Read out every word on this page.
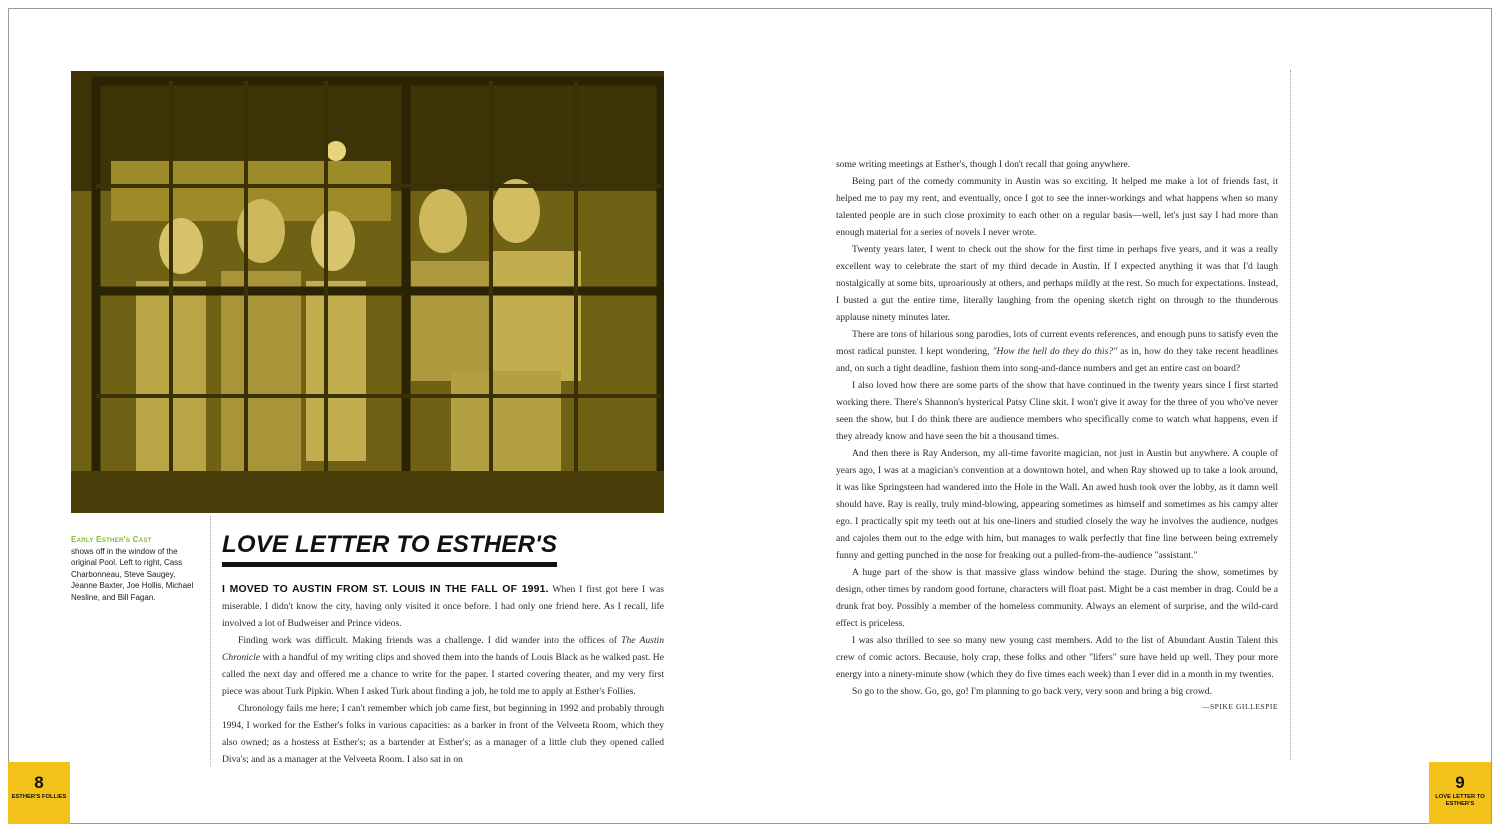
Early Esther's Cast
shows off in the window of the original Pool. Left to right, Cass Charbonneau, Steve Saugey, Jeanne Baxter, Joe Hollis, Michael Nesline, and Bill Fagan.
LOVE LETTER TO ESTHER'S

I MOVED TO AUSTIN FROM ST. LOUIS IN THE FALL OF 1991. When I first got here I was miserable. I didn't know the city, having only visited it once before. I had only one friend here. As I recall, life involved a lot of Budweiser and Prince videos.

Finding work was difficult. Making friends was a challenge. I did wander into the offices of The Austin Chronicle with a handful of my writing clips and shoved them into the hands of Louis Black as he walked past. He called the next day and offered me a chance to write for the paper. I started covering theater, and my very first piece was about Turk Pipkin. When I asked Turk about finding a job, he told me to apply at Esther's Follies.

Chronology fails me here; I can't remember which job came first, but beginning in 1992 and probably through 1994, I worked for the Esther's folks in various capacities: as a barker in front of the Velveeta Room, which they also owned; as a hostess at Esther's; as a bartender at Esther's; as a manager of a little club they opened called Diva's; and as a manager at the Velveeta Room. I also sat in on

some writing meetings at Esther's, though I don't recall that going anywhere.

Being part of the comedy community in Austin was so exciting. It helped me make a lot of friends fast, it helped me to pay my rent, and eventually, once I got to see the inner-workings and what happens when so many talented people are in such close proximity to each other on a regular basis—well, let's just say I had more than enough material for a series of novels I never wrote.

Twenty years later, I went to check out the show for the first time in perhaps five years, and it was a really excellent way to celebrate the start of my third decade in Austin. If I expected anything it was that I'd laugh nostalgically at some bits, uproariously at others, and perhaps mildly at the rest. So much for expectations. Instead, I busted a gut the entire time, literally laughing from the opening sketch right on through to the thunderous applause ninety minutes later.

There are tons of hilarious song parodies, lots of current events references, and enough puns to satisfy even the most radical punster. I kept wondering, "How the hell do they do this?" as in, how do they take recent headlines and, on such a tight deadline, fashion them into song-and-dance numbers and get an entire cast on board?

I also loved how there are some parts of the show that have continued in the twenty years since I first started working there. There's Shannon's hysterical Patsy Cline skit. I won't give it away for the three of you who've never seen the show, but I do think there are audience members who specifically come to watch what happens, even if they already know and have seen the bit a thousand times.

And then there is Ray Anderson, my all-time favorite magician, not just in Austin but anywhere. A couple of years ago, I was at a magician's convention at a downtown hotel, and when Ray showed up to take a look around, it was like Springsteen had wandered into the Hole in the Wall. An awed hush took over the lobby, as it damn well should have. Ray is really, truly mind-blowing, appearing sometimes as himself and sometimes as his campy alter ego. I practically spit my teeth out at his one-liners and studied closely the way he involves the audience, nudges and cajoles them out to the edge with him, but manages to walk perfectly that fine line between being extremely funny and getting punched in the nose for freaking out a pulled-from-the-audience "assistant."

A huge part of the show is that massive glass window behind the stage. During the show, sometimes by design, other times by random good fortune, characters will float past. Might be a cast member in drag. Could be a drunk frat boy. Possibly a member of the homeless community. Always an element of surprise, and the wild-card effect is priceless.

I was also thrilled to see so many new young cast members. Add to the list of Abundant Austin Talent this crew of comic actors. Because, holy crap, these folks and other "lifers" sure have held up well. They pour more energy into a ninety-minute show (which they do five times each week) than I ever did in a month in my twenties.

So go to the show. Go, go, go! I'm planning to go back very, very soon and bring a big crowd.

—SPIKE GILLESPIE
8
ESTHER'S FOLLIES
9
LOVE LETTER TO ESTHER'S
